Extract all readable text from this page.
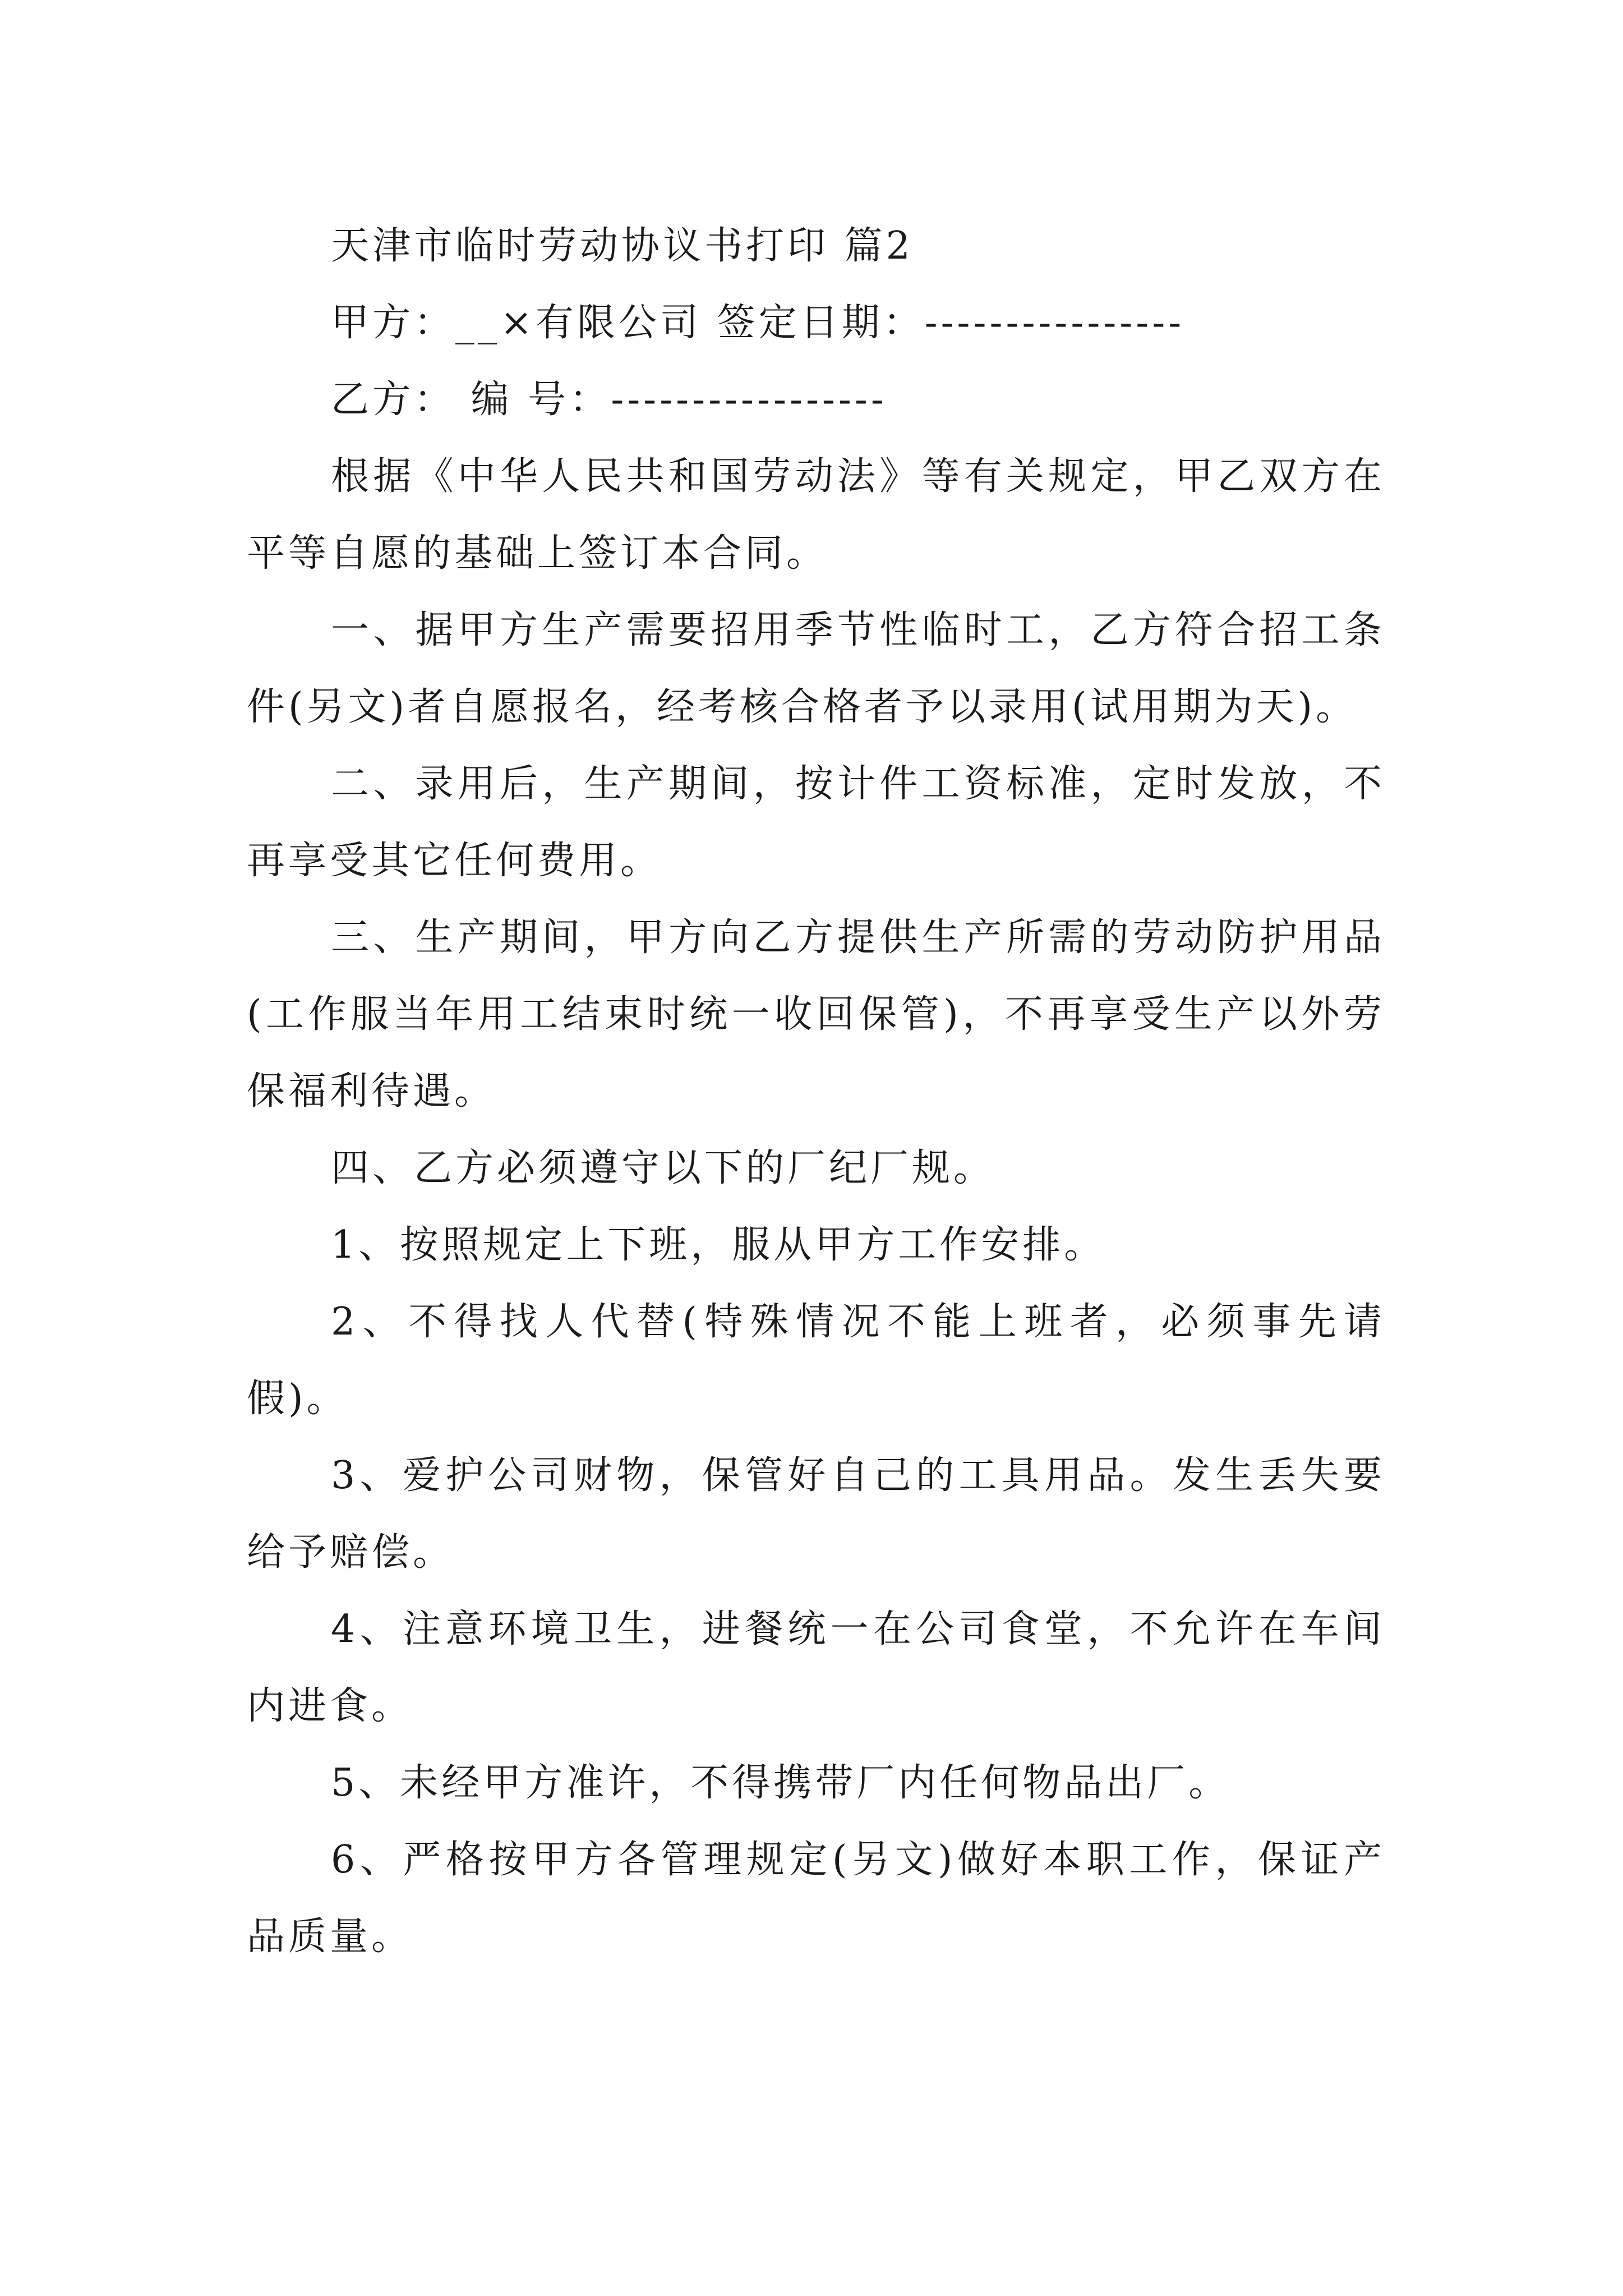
天津市临时劳动协议书打印 篇2

甲方：__×有限公司 签定日期：----------------

乙方： 编 号：-----------------

根据《中华人民共和国劳动法》等有关规定，甲乙双方在平等自愿的基础上签订本合同。

一、据甲方生产需要招用季节性临时工，乙方符合招工条件(另文)者自愿报名，经考核合格者予以录用(试用期为天)。

二、录用后，生产期间，按计件工资标准，定时发放，不再享受其它任何费用。

三、生产期间，甲方向乙方提供生产所需的劳动防护用品(工作服当年用工结束时统一收回保管)，不再享受生产以外劳保福利待遇。

四、乙方必须遵守以下的厂纪厂规。

1、按照规定上下班，服从甲方工作安排。

2、不得找人代替(特殊情况不能上班者，必须事先请假)。

3、爱护公司财物，保管好自己的工具用品。发生丢失要给予赔偿。

4、注意环境卫生，进餐统一在公司食堂，不允许在车间内进食。

5、未经甲方准许，不得携带厂内任何物品出厂。

6、严格按甲方各管理规定(另文)做好本职工作，保证产品质量。
